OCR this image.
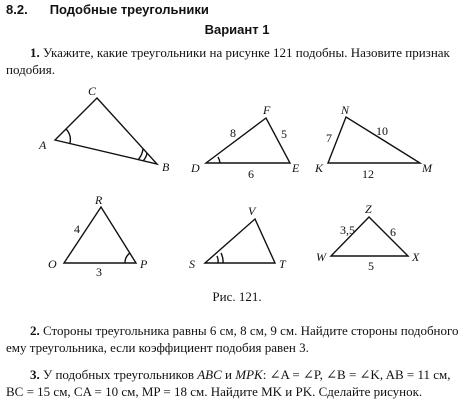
8.2. Подобные треугольники
Вариант 1
1. Укажите, какие треугольники на рисунке 121 подобны. Назовите признак подобия.
A
B
C
D	E
F
8	5
6	K	M
N
7	10
12
O	P
R
4
3
S	T
V
W	X
Z
3,5	6
5
Рис. 121.
2. Стороны треугольника равны 6 см, 8 см, 9 см. Найдите стороны подобного ему треугольника, если коэффициент подобия равен 3.
3. У подобных треугольников ABC и MPK: ∠A = ∠P, ∠B = ∠K, AB = 11 см, BC = 15 см, CA = 10 см, MP = 18 см. Найдите MK и PK. Сделайте рисунок.
